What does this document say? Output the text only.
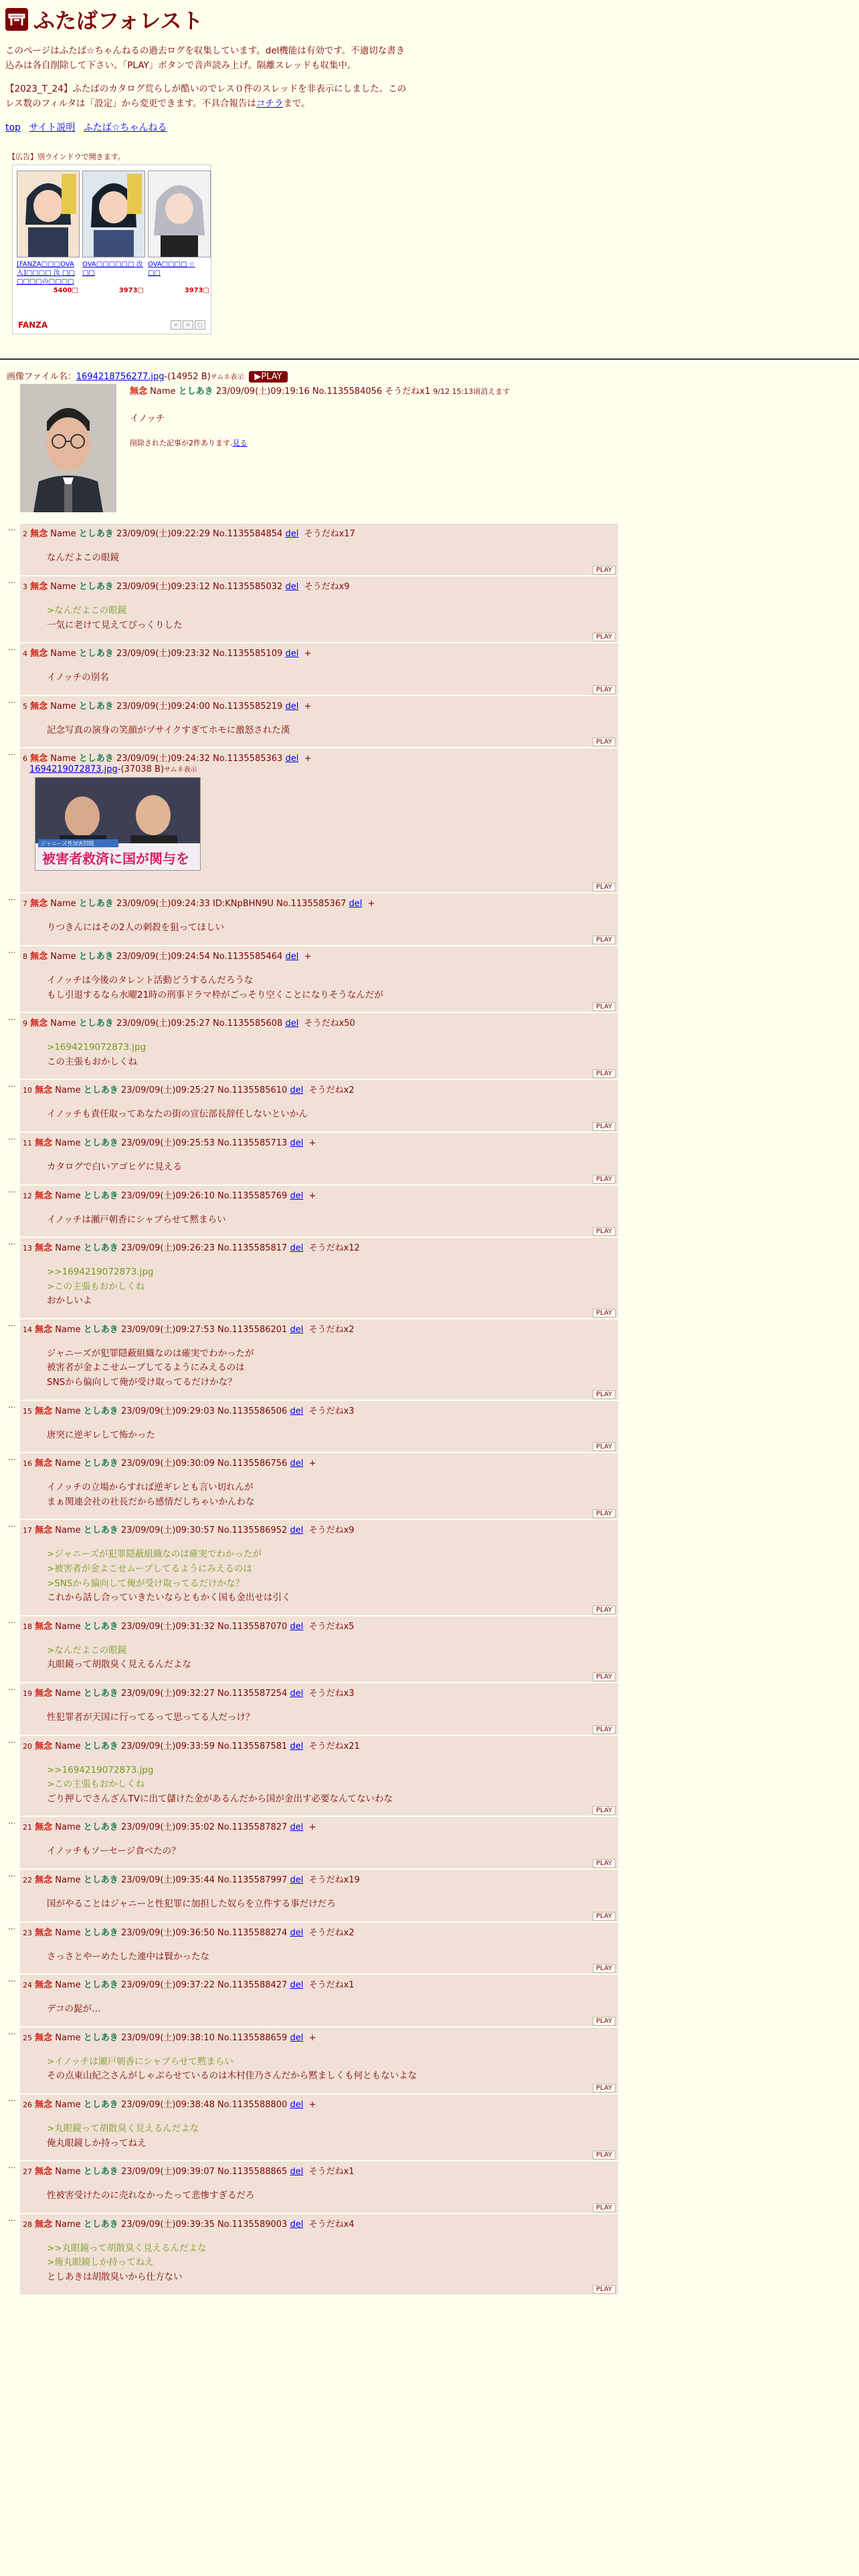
ふたばフォレスト

このページはふたば☆ちゃんねるの過去ログを収集しています。del機能は有効です。不適切な書き込みは各自削除して下さい。「PLAY」ボタンで音声読み上げ。隔離スレッドも収集中。

【2023_T_24】ふたばのカタログ荒らしが酷いのでレス０件のスレッドを非表示にしました。このレス数のフィルタは「設定」から変更できます。不具合報告はコチラまで。

top サイト説明 ふたば☆ちゃんねる
【広告】別ウインドウで開きます。
[FANZA□□□OVA入]□□□□ 汝 □□ □□□□の□□□□
5400□
OVA□□□□□□ 汝 □□
3973□
OVA□□□□ ☆ □□
3973□
FANZA	<	>	□
画像ファイル名：1694218756277.jpg-(14952 B)サムネ表示 ▶PLAY
無念 Name としあき 23/09/09(土)09:19:16 No.1135584056 そうだねx1 9/12 15:13頃消えます
イノッチ
削除された記事が2件あります.見る
…
2 無念 Name としあき 23/09/09(土)09:22:29 No.1135584854 del そうだねx17
なんだよこの眼鏡
PLAY
…
3 無念 Name としあき 23/09/09(土)09:23:12 No.1135585032 del そうだねx9
>なんだよこの眼鏡
一気に老けて見えてびっくりした
PLAY
…
4 無念 Name としあき 23/09/09(土)09:23:32 No.1135585109 del +
イノッチの別名
PLAY
…
5 無念 Name としあき 23/09/09(土)09:24:00 No.1135585219 del +
記念写真の演身の笑顔がヅサイクすぎてホモに激怒された漢
PLAY
…
6 無念 Name としあき 23/09/09(土)09:24:32 No.1135585363 del +
1694219072873.jpg-(37038 B)サムネ表示
ジャニーズ性加害問題
被害者救済に国が関与を
PLAY
…
7 無念 Name としあき 23/09/09(土)09:24:33 ID:KNpBHN9U No.1135585367 del +
りつきんにはその2人の刺殺を狙ってほしい
PLAY
…
8 無念 Name としあき 23/09/09(土)09:24:54 No.1135585464 del +
イノッチは今後のタレント活動どうするんだろうな
もし引退するなら水曜21時の刑事ドラマ枠がごっそり空くことになりそうなんだが
PLAY
…
9 無念 Name としあき 23/09/09(土)09:25:27 No.1135585608 del そうだねx50
>1694219072873.jpg
この主張もおかしくね
PLAY
…
10 無念 Name としあき 23/09/09(土)09:25:27 No.1135585610 del そうだねx2
イノッチも責任取ってあなたの街の宣伝部長辞任しないといかん
PLAY
…
11 無念 Name としあき 23/09/09(土)09:25:53 No.1135585713 del +
カタログで白いアゴヒゲに見える
PLAY
…
12 無念 Name としあき 23/09/09(土)09:26:10 No.1135585769 del +
イノッチは瀬戸朝香にシャブらせて黙まらい
PLAY
…
13 無念 Name としあき 23/09/09(土)09:26:23 No.1135585817 del そうだねx12
>>1694219072873.jpg
>この主張もおかしくね
おかしいよ
PLAY
…
14 無念 Name としあき 23/09/09(土)09:27:53 No.1135586201 del そうだねx2
ジャニーズが犯罪隠蔽組織なのは確実でわかったが
被害者が金よこせムーブしてるようにみえるのは
SNSから偏向して俺が受け取ってるだけかな？
PLAY
…
15 無念 Name としあき 23/09/09(土)09:29:03 No.1135586506 del そうだねx3
唐突に逆ギレして怖かった
PLAY
…
16 無念 Name としあき 23/09/09(土)09:30:09 No.1135586756 del +
イノッチの立場からすれば逆ギレとも言い切れんが
まぁ関連会社の社長だから感情だしちゃいかんわな
PLAY
…
17 無念 Name としあき 23/09/09(土)09:30:57 No.1135586952 del そうだねx9
>ジャニーズが犯罪隠蔽組織なのは確実でわかったが
>被害者が金よこせムーブしてるようにみえるのは
>SNSから偏向して俺が受け取ってるだけかな？
これから話し合っていきたいならともかく国も金出せは引く
PLAY
…
18 無念 Name としあき 23/09/09(土)09:31:32 No.1135587070 del そうだねx5
>なんだよこの眼鏡
丸眼鏡って胡散臭く見えるんだよな
PLAY
…
19 無念 Name としあき 23/09/09(土)09:32:27 No.1135587254 del そうだねx3
性犯罪者が天国に行ってるって思ってる人だっけ？
PLAY
…
20 無念 Name としあき 23/09/09(土)09:33:59 No.1135587581 del そうだねx21
>>1694219072873.jpg
>この主張もおかしくね
ごり押しでさんざんTVに出て儲けた金があるんだから国が金出す必要なんてないわな
PLAY
…
21 無念 Name としあき 23/09/09(土)09:35:02 No.1135587827 del +
イノッチもソーセージ食べたの？
PLAY
…
22 無念 Name としあき 23/09/09(土)09:35:44 No.1135587997 del そうだねx19
国がやることはジャニーと性犯罪に加担した奴らを立件する事だけだろ
PLAY
…
23 無念 Name としあき 23/09/09(土)09:36:50 No.1135588274 del そうだねx2
さっさとやーめたした連中は賢かったな
PLAY
…
24 無念 Name としあき 23/09/09(土)09:37:22 No.1135588427 del そうだねx1
デコの髭が…
PLAY
…
25 無念 Name としあき 23/09/09(土)09:38:10 No.1135588659 del +
>イノッチは瀬戸朝香にシャブらせて黙まらい
その点東山紀之さんがしゃぶらせているのは木村佳乃さんだから黙ましくも何ともないよな
PLAY
…
26 無念 Name としあき 23/09/09(土)09:38:48 No.1135588800 del +
>丸眼鏡って胡散臭く見えるんだよな
俺丸眼鏡しか持ってねえ
PLAY
…
27 無念 Name としあき 23/09/09(土)09:39:07 No.1135588865 del そうだねx1
性被害受けたのに売れなかったって悲惨すぎるだろ
PLAY
…
28 無念 Name としあき 23/09/09(土)09:39:35 No.1135589003 del そうだねx4
>>丸眼鏡って胡散臭く見えるんだよな
>俺丸眼鏡しか持ってねえ
としあきは胡散臭いから仕方ない
PLAY
